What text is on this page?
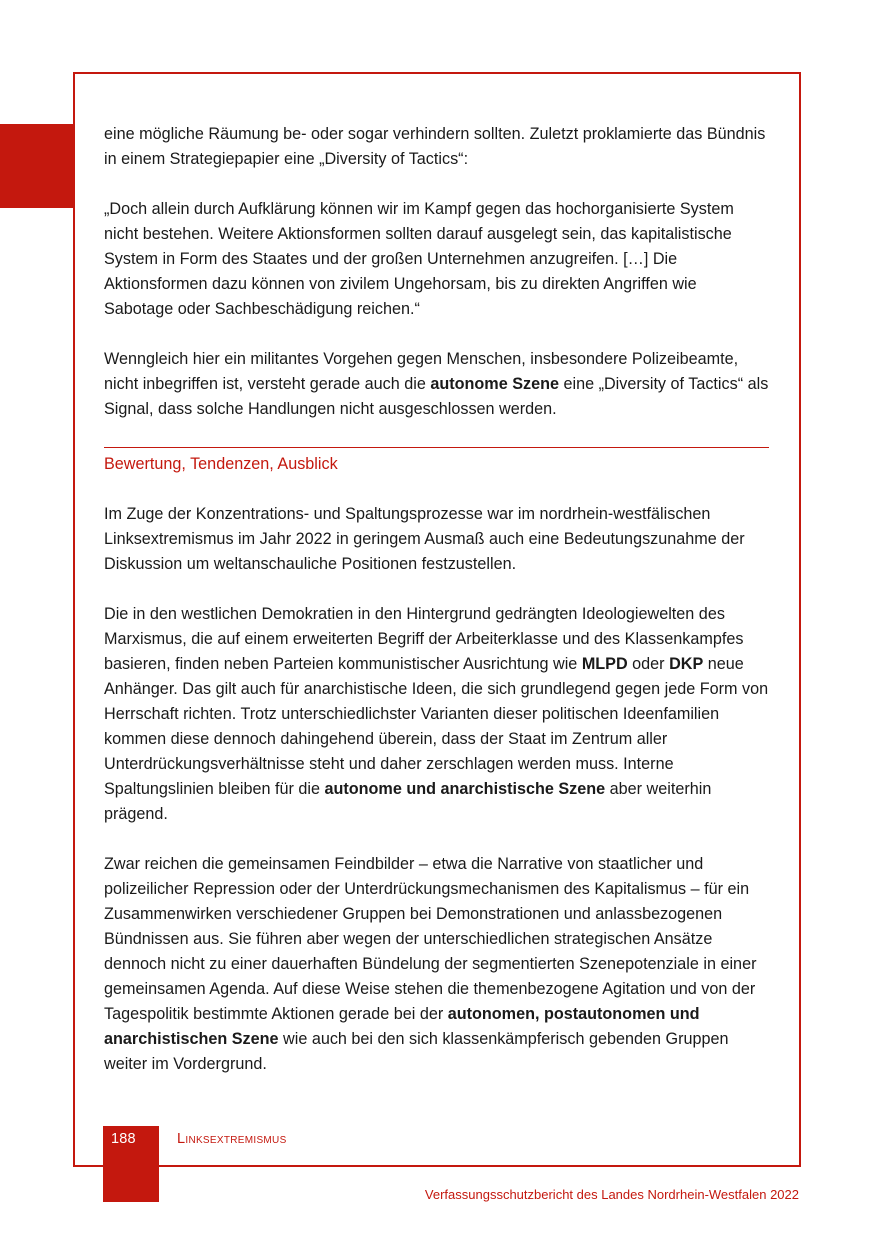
eine mögliche Räumung be- oder sogar verhindern sollten. Zuletzt proklamierte das Bündnis in einem Strategiepapier eine „Diversity of Tactics“:

„Doch allein durch Aufklärung können wir im Kampf gegen das hochorganisierte System nicht bestehen. Weitere Aktionsformen sollten darauf ausgelegt sein, das kapitalistische System in Form des Staates und der großen Unternehmen anzugreifen. […] Die Aktionsformen dazu können von zivilem Ungehorsam, bis zu direkten Angriffen wie Sabotage oder Sachbeschädigung reichen.“

Wenngleich hier ein militantes Vorgehen gegen Menschen, insbesondere Polizeibeamte, nicht inbegriffen ist, versteht gerade auch die autonome Szene eine „Diversity of Tactics“ als Signal, dass solche Handlungen nicht ausgeschlossen werden.

Bewertung, Tendenzen, Ausblick

Im Zuge der Konzentrations- und Spaltungsprozesse war im nordrhein-westfälischen Linksextremismus im Jahr 2022 in geringem Ausmaß auch eine Bedeutungszunahme der Diskussion um weltanschauliche Positionen festzustellen.

Die in den westlichen Demokratien in den Hintergrund gedrängten Ideologiewelten des Marxismus, die auf einem erweiterten Begriff der Arbeiterklasse und des Klassenkampfes basieren, finden neben Parteien kommunistischer Ausrichtung wie MLPD oder DKP neue Anhänger. Das gilt auch für anarchistische Ideen, die sich grundlegend gegen jede Form von Herrschaft richten. Trotz unterschiedlichster Varianten dieser politischen Ideenfamilien kommen diese dennoch dahingehend überein, dass der Staat im Zentrum aller Unterdrückungsverhältnisse steht und daher zerschlagen werden muss. Interne Spaltungslinien bleiben für die autonome und anarchistische Szene aber weiterhin prägend.

Zwar reichen die gemeinsamen Feindbilder – etwa die Narrative von staatlicher und polizeilicher Repression oder der Unterdrückungsmechanismen des Kapitalismus – für ein Zusammenwirken verschiedener Gruppen bei Demonstrationen und anlassbezogenen Bündnissen aus. Sie führen aber wegen der unterschiedlichen strategischen Ansätze dennoch nicht zu einer dauerhaften Bündelung der segmentierten Szenepotenziale in einer gemeinsamen Agenda. Auf diese Weise stehen die themenbezogene Agitation und von der Tagespolitik bestimmte Aktionen gerade bei der autonomen, postautonomen und anarchistischen Szene wie auch bei den sich klassenkämpferisch gebenden Gruppen weiter im Vordergrund.

188	Linksextremismus
Verfassungsschutzbericht des Landes Nordrhein-Westfalen 2022
